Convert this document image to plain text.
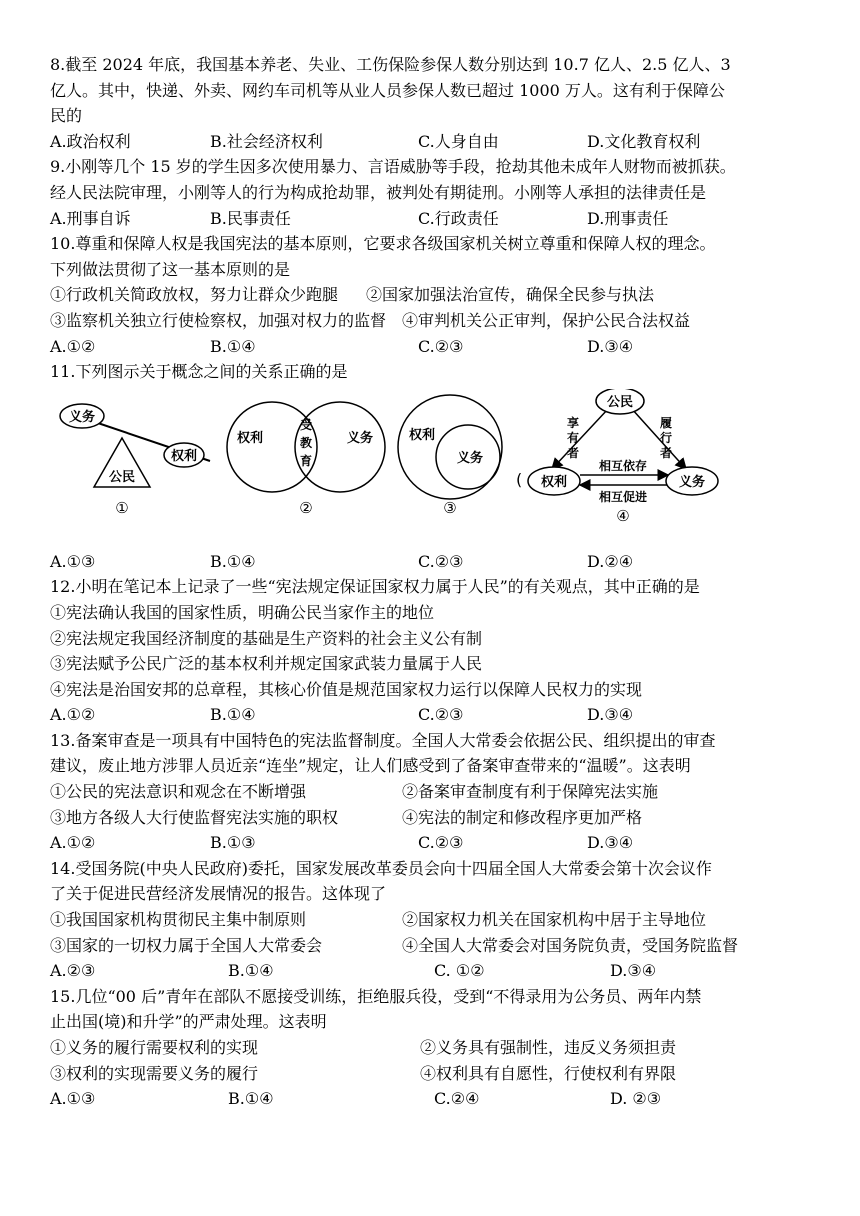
8.截至 2024 年底，我国基本养老、失业、工伤保险参保人数分别达到 10.7 亿人、2.5 亿人、3
亿人。其中，快递、外卖、网约车司机等从业人员参保人数已超过 1000 万人。这有利于保障公
民的
A.政治权利	B.社会经济权利	C.人身自由	D.文化教育权利
9.小刚等几个 15 岁的学生因多次使用暴力、言语威胁等手段，抢劫其他未成年人财物而被抓获。
经人民法院审理，小刚等人的行为构成抢劫罪，被判处有期徒刑。小刚等人承担的法律责任是
A.刑事自诉	B.民事责任	C.行政责任	D.刑事责任
10.尊重和保障人权是我国宪法的基本原则，它要求各级国家机关树立尊重和保障人权的理念。
下列做法贯彻了这一基本原则的是
①行政机关简政放权，努力让群众少跑腿 ②国家加强法治宣传，确保全民参与执法
③监察机关独立行使检察权，加强对权力的监督 ④审判机关公正审判，保护公民合法权益
A.①②	B.①④	C.②③	D.③④
11.下列图示关于概念之间的关系正确的是
义务
权利
公民
①
权利
受
教
育
义务
②
权利
义务
③
(
公民
权利	义务
享
有
者
履
行
者
相互依存
相互促进
④
A.①③	B.①④	C.②③	D.②④
12.小明在笔记本上记录了一些“宪法规定保证国家权力属于人民”的有关观点，其中正确的是
①宪法确认我国的国家性质，明确公民当家作主的地位
②宪法规定我国经济制度的基础是生产资料的社会主义公有制
③宪法赋予公民广泛的基本权利并规定国家武装力量属于人民
④宪法是治国安邦的总章程，其核心价值是规范国家权力运行以保障人民权力的实现
A.①②	B.①④	C.②③	D.③④
13.备案审查是一项具有中国特色的宪法监督制度。全国人大常委会依据公民、组织提出的审查
建议，废止地方涉罪人员近亲“连坐”规定，让人们感受到了备案审查带来的“温暖”。这表明
①公民的宪法意识和观念在不断增强	②备案审查制度有利于保障宪法实施
③地方各级人大行使监督宪法实施的职权	④宪法的制定和修改程序更加严格
A.①②	B.①③	C.②③	D.③④
14.受国务院(中央人民政府)委托，国家发展改革委员会向十四届全国人大常委会第十次会议作
了关于促进民营经济发展情况的报告。这体现了
①我国国家机构贯彻民主集中制原则	②国家权力机关在国家机构中居于主导地位
③国家的一切权力属于全国人大常委会	④全国人大常委会对国务院负责，受国务院监督
A.②③	B.①④	C. ①②	D.③④
15.几位“00 后”青年在部队不愿接受训练，拒绝服兵役，受到“不得录用为公务员、两年内禁
止出国(境)和升学”的严肃处理。这表明
①义务的履行需要权利的实现	②义务具有强制性，违反义务须担责
③权利的实现需要义务的履行	④权利具有自愿性，行使权利有界限
A.①③	B.①④	C.②④	D. ②③
